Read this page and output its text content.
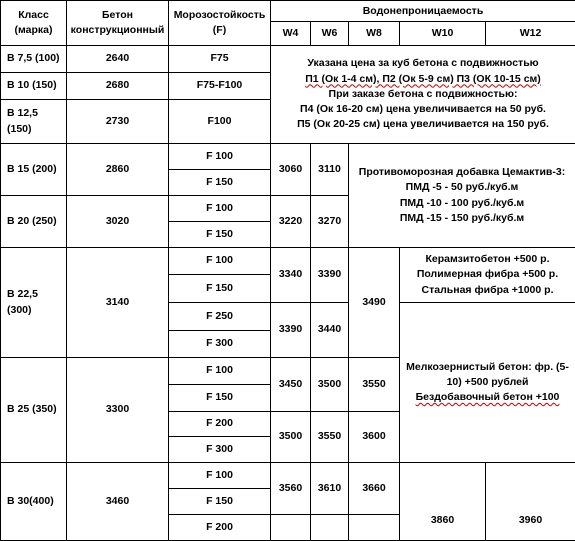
Класс (марка)	Бетон конструкционный	Морозостойкость (F)	Водонепроницаемость				
			W4	W6	W8	W10	W12
В 7,5 (100)	2640	F75	Указана цена за куб бетона с подвижностью
П1 (Ок 1-4 см), П2 (Ок 5-9 см) П3 (ОК 10-15 см)
При заказе бетона с подвижностью:
П4 (Ок 16-20 см) цена увеличивается на 50 руб.
П5 (Ок 20-25 см) цена увеличивается на 150 руб.				

В 10 (150)	2680	F75-F100					
В 12,5 (150)	2730	F100					
В 15 (200)	2860	F 100	3060	3110	Противоморозная добавка Цемактив-3:
ПМД -5 - 50 руб./куб.м
ПМД -10 - 100 руб./куб.м
ПМД -15 - 150 руб./куб.м		

		F 150					
В 20 (250)	3020	F 100	3220	3270			
		F 150					
В 22,5 (300)	3140	F 100	3340	3390	3490	Керамзитобетон +500 р.
Полимерная фибра +500 р.
Стальная фибра +1000 р.	

		F 150					
		F 250	3390	3440		Мелкозернистый бетон: фр. (5-10) +500 рублей
Бездобавочный бетон +100	

		F 300					
В 25 (350)	3300	F 100	3450	3500	3550		
		F 150					
		F 200	3500	3550	3600		
		F 300					
В 30(400)	3460	F 100	3560	3610	3660	3860	3960
		F 150					
		F 200					
